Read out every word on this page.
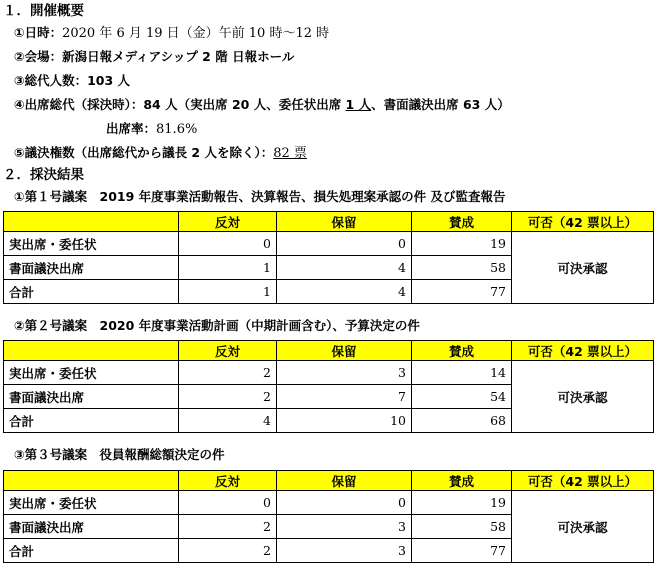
１．開催概要
①日時：2020 年 6 月 19 日（金）午前 10 時～12 時
②会場：新潟日報メディアシップ 2 階 日報ホール
③総代人数：103 人
④出席総代（採決時）：84 人（実出席 20 人、委任状出席 1 人、書面議決出席 63 人）
出席率：81.6%
⑤議決権数（出席総代から議長 2 人を除く）：82 票
２．採決結果
①第１号議案 2019 年度事業活動報告、決算報告、損失処理案承認の件 及び監査報告
	反対	保留	賛成	可否（42 票以上）
実出席・委任状	0	0	19	可決承認
書面議決出席	1	4	58	
合計	1	4	77	
②第２号議案 2020 年度事業活動計画（中期計画含む）、予算決定の件
	反対	保留	賛成	可否（42 票以上）
実出席・委任状	2	3	14	可決承認
書面議決出席	2	7	54	
合計	4	10	68	
③第３号議案 役員報酬総額決定の件
	反対	保留	賛成	可否（42 票以上）
実出席・委任状	0	0	19	可決承認
書面議決出席	2	3	58	
合計	2	3	77	
